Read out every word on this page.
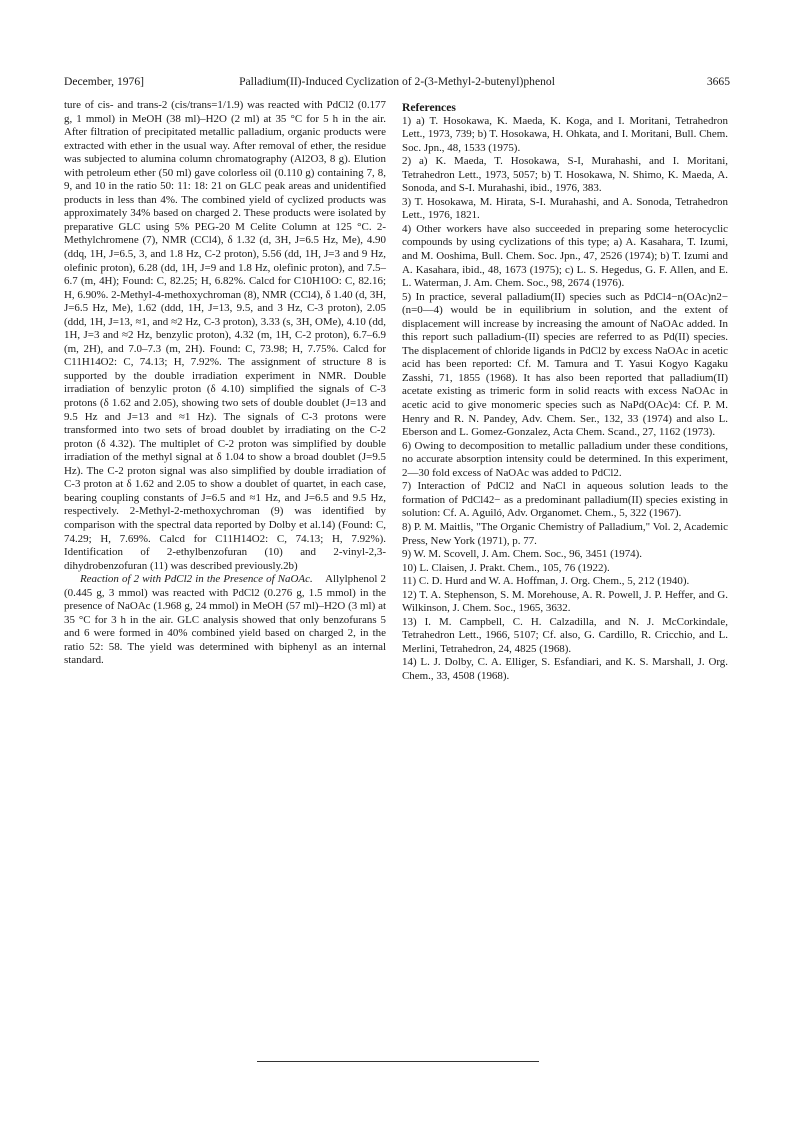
December, 1976]	Palladium(II)-Induced Cyclization of 2-(3-Methyl-2-butenyl)phenol	3665

ture of cis- and trans-2 (cis/trans=1/1.9) was reacted with PdCl2 (0.177 g, 1 mmol) in MeOH (38 ml)–H2O (2 ml) at 35 °C for 5 h in the air. After filtration of precipitated metallic palladium, organic products were extracted with ether in the usual way. After removal of ether, the residue was subjected to alumina column chromatography (Al2O3, 8 g). Elution with petroleum ether (50 ml) gave colorless oil (0.110 g) containing 7, 8, 9, and 10 in the ratio 50: 11: 18: 21 on GLC peak areas and unidentified products in less than 4%. The combined yield of cyclized products was approximately 34% based on charged 2. These products were isolated by preparative GLC using 5% PEG-20 M Celite Column at 125 °C. 2-Methylchromene (7), NMR (CCl4), δ 1.32 (d, 3H, J=6.5 Hz, Me), 4.90 (ddq, 1H, J=6.5, 3, and 1.8 Hz, C-2 proton), 5.56 (dd, 1H, J=3 and 9 Hz, olefinic proton), 6.28 (dd, 1H, J=9 and 1.8 Hz, olefinic proton), and 7.5–6.7 (m, 4H); Found: C, 82.25; H, 6.82%. Calcd for C10H10O: C, 82.16; H, 6.90%. 2-Methyl-4-methoxychroman (8), NMR (CCl4), δ 1.40 (d, 3H, J=6.5 Hz, Me), 1.62 (ddd, 1H, J=13, 9.5, and 3 Hz, C-3 proton), 2.05 (ddd, 1H, J=13, ≈1, and ≈2 Hz, C-3 proton), 3.33 (s, 3H, OMe), 4.10 (dd, 1H, J=3 and ≈2 Hz, benzylic proton), 4.32 (m, 1H, C-2 proton), 6.7–6.9 (m, 2H), and 7.0–7.3 (m, 2H). Found: C, 73.98; H, 7.75%. Calcd for C11H14O2: C, 74.13; H, 7.92%. The assignment of structure 8 is supported by the double irradiation experiment in NMR. Double irradiation of benzylic proton (δ 4.10) simplified the signals of C-3 protons (δ 1.62 and 2.05), showing two sets of double doublet (J=13 and 9.5 Hz and J=13 and ≈1 Hz). The signals of C-3 protons were transformed into two sets of broad doublet by irradiating on the C-2 proton (δ 4.32). The multiplet of C-2 proton was simplified by double irradiation of the methyl signal at δ 1.04 to show a broad doublet (J=9.5 Hz). The C-2 proton signal was also simplified by double irradiation of C-3 proton at δ 1.62 and 2.05 to show a doublet of quartet, in each case, bearing coupling constants of J=6.5 and ≈1 Hz, and J=6.5 and 9.5 Hz, respectively. 2-Methyl-2-methoxychroman (9) was identified by comparison with the spectral data reported by Dolby et al.14) (Found: C, 74.29; H, 7.69%. Calcd for C11H14O2: C, 74.13; H, 7.92%). Identification of 2-ethylbenzofuran (10) and 2-vinyl-2,3-dihydrobenzofuran (11) was described previously.2b)

Reaction of 2 with PdCl2 in the Presence of NaOAc. Allylphenol 2 (0.445 g, 3 mmol) was reacted with PdCl2 (0.276 g, 1.5 mmol) in the presence of NaOAc (1.968 g, 24 mmol) in MeOH (57 ml)–H2O (3 ml) at 35 °C for 3 h in the air. GLC analysis showed that only benzofurans 5 and 6 were formed in 40% combined yield based on charged 2, in the ratio 52: 58. The yield was determined with biphenyl as an internal standard.

References

1) a) T. Hosokawa, K. Maeda, K. Koga, and I. Moritani, Tetrahedron Lett., 1973, 739; b) T. Hosokawa, H. Ohkata, and I. Moritani, Bull. Chem. Soc. Jpn., 48, 1533 (1975).

2) a) K. Maeda, T. Hosokawa, S-I, Murahashi, and I. Moritani, Tetrahedron Lett., 1973, 5057; b) T. Hosokawa, N. Shimo, K. Maeda, A. Sonoda, and S-I. Murahashi, ibid., 1976, 383.

3) T. Hosokawa, M. Hirata, S-I. Murahashi, and A. Sonoda, Tetrahedron Lett., 1976, 1821.

4) Other workers have also succeeded in preparing some heterocyclic compounds by using cyclizations of this type; a) A. Kasahara, T. Izumi, and M. Ooshima, Bull. Chem. Soc. Jpn., 47, 2526 (1974); b) T. Izumi and A. Kasahara, ibid., 48, 1673 (1975); c) L. S. Hegedus, G. F. Allen, and E. L. Waterman, J. Am. Chem. Soc., 98, 2674 (1976).

5) In practice, several palladium(II) species such as PdCl4−n(OAc)n2− (n=0—4) would be in equilibrium in solution, and the extent of displacement will increase by increasing the amount of NaOAc added. In this report such palladium-(II) species are referred to as Pd(II) species. The displacement of chloride ligands in PdCl2 by excess NaOAc in acetic acid has been reported: Cf. M. Tamura and T. Yasui Kogyo Kagaku Zasshi, 71, 1855 (1968). It has also been reported that palladium(II) acetate existing as trimeric form in solid reacts with excess NaOAc in acetic acid to give monomeric species such as NaPd(OAc)4: Cf. P. M. Henry and R. N. Pandey, Adv. Chem. Ser., 132, 33 (1974) and also L. Eberson and L. Gomez-Gonzalez, Acta Chem. Scand., 27, 1162 (1973).

6) Owing to decomposition to metallic palladium under these conditions, no accurate absorption intensity could be determined. In this experiment, 2—30 fold excess of NaOAc was added to PdCl2.

7) Interaction of PdCl2 and NaCl in aqueous solution leads to the formation of PdCl42− as a predominant palladium(II) species existing in solution: Cf. A. Aguiló, Adv. Organomet. Chem., 5, 322 (1967).

8) P. M. Maitlis, "The Organic Chemistry of Palladium," Vol. 2, Academic Press, New York (1971), p. 77.

9) W. M. Scovell, J. Am. Chem. Soc., 96, 3451 (1974).

10) L. Claisen, J. Prakt. Chem., 105, 76 (1922).

11) C. D. Hurd and W. A. Hoffman, J. Org. Chem., 5, 212 (1940).

12) T. A. Stephenson, S. M. Morehouse, A. R. Powell, J. P. Heffer, and G. Wilkinson, J. Chem. Soc., 1965, 3632.

13) I. M. Campbell, C. H. Calzadilla, and N. J. McCorkindale, Tetrahedron Lett., 1966, 5107; Cf. also, G. Cardillo, R. Cricchio, and L. Merlini, Tetrahedron, 24, 4825 (1968).

14) L. J. Dolby, C. A. Elliger, S. Esfandiari, and K. S. Marshall, J. Org. Chem., 33, 4508 (1968).
